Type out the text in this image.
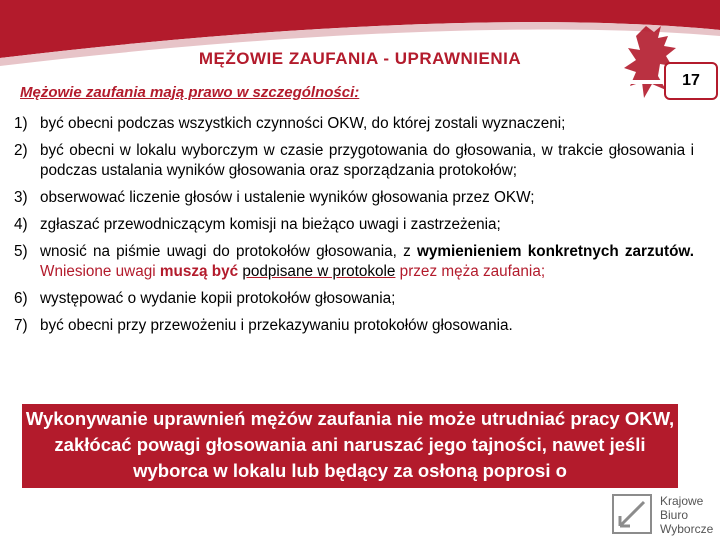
MĘŻOWIE ZAUFANIA - UPRAWNIENIA
Mężowie zaufania mają prawo w szczególności:
17
1) być obecni podczas wszystkich czynności OKW, do której zostali wyznaczeni;
2) być obecni w lokalu wyborczym w czasie przygotowania do głosowania, w trakcie głosowania i podczas ustalania wyników głosowania oraz sporządzania protokołów;
3) obserwować liczenie głosów i ustalenie wyników głosowania przez OKW;
4) zgłaszać przewodniczącym komisji na bieżąco uwagi i zastrzeżenia;
5) wnosić na piśmie uwagi do protokołów głosowania, z wymienieniem konkretnych zarzutów. Wniesione uwagi muszą być podpisane w protokole przez męża zaufania;
6) występować o wydanie kopii protokołów głosowania;
7) być obecni przy przewożeniu i przekazywaniu protokołów głosowania.
Wykonywanie uprawnień mężów zaufania nie może utrudniać pracy OKW, zakłócać powagi głosowania ani naruszać jego tajności, nawet jeśli wyborca w lokalu lub będący za osłoną poprosi o
Krajowe
Biuro
Wyborcze
